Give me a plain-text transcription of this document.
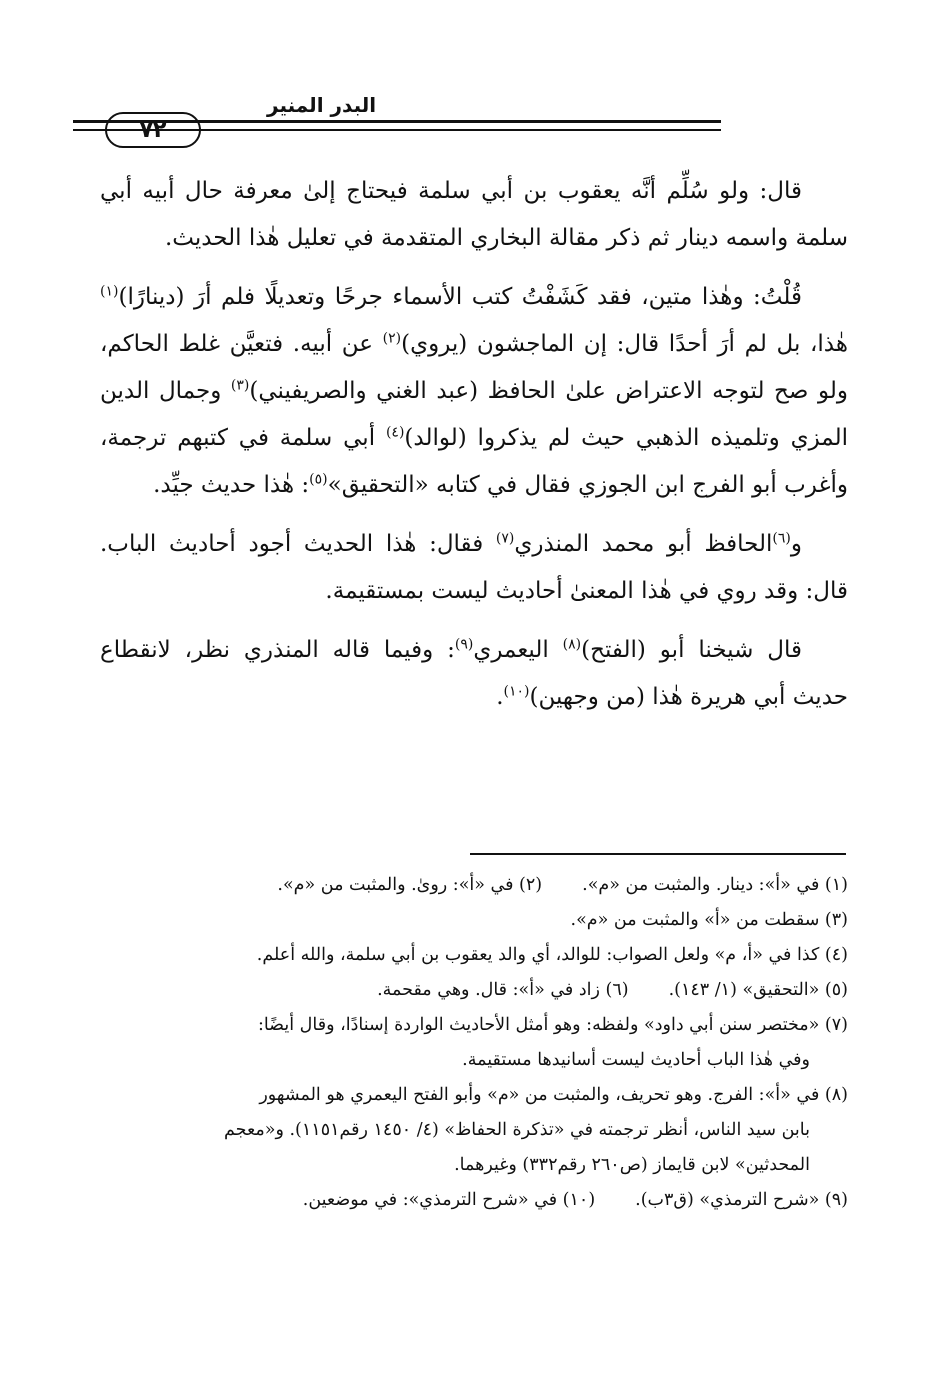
البدر المنير
٧٢

قال: ولو سُلِّم أنَّه يعقوب بن أبي سلمة فيحتاج إلىٰ معرفة حال أبيه أبي سلمة واسمه دينار ثم ذكر مقالة البخاري المتقدمة في تعليل هٰذا الحديث.

قُلْتُ: وهٰذا متين، فقد كَشَفْتُ كتب الأسماء جرحًا وتعديلًا فلم أرَ (دينارًا)$^{(١)}$ هٰذا، بل لم أرَ أحدًا قال: إن الماجشون (يروي)$^{(٢)}$ عن أبيه. فتعيَّن غلط الحاكم، ولو صح لتوجه الاعتراض علىٰ الحافظ (عبد الغني والصريفيني)$^{(٣)}$ وجمال الدين المزي وتلميذه الذهبي حيث لم يذكروا (لوالد)$^{(٤)}$ أبي سلمة في كتبهم ترجمة، وأغرب أبو الفرج ابن الجوزي فقال في كتابه «التحقيق»$^{(٥)}$: هٰذا حديث جيِّد.

و$^{(٦)}$الحافظ أبو محمد المنذري$^{(٧)}$ فقال: هٰذا الحديث أجود أحاديث الباب. قال: وقد روي في هٰذا المعنىٰ أحاديث ليست بمستقيمة.

قال شيخنا أبو (الفتح)$^{(٨)}$ اليعمري$^{(٩)}$: وفيما قاله المنذري نظر، لانقطاع حديث أبي هريرة هٰذا (من وجهين)$^{(١٠)}$.

(١) في «أ»: دينار. والمثبت من «م».
(٢) في «أ»: روىٰ. والمثبت من «م».
(٣) سقطت من «أ» والمثبت من «م».
(٤) كذا في «أ، م» ولعل الصواب: للوالد، أي والد يعقوب بن أبي سلمة، والله أعلم.
(٥) «التحقيق» (١/ ١٤٣).
(٦) زاد في «أ»: قال. وهي مقحمة.
(٧) «مختصر سنن أبي داود» ولفظه: وهو أمثل الأحاديث الواردة إسنادًا، وقال أيضًا:
وفي هٰذا الباب أحاديث ليست أسانيدها مستقيمة.
(٨) في «أ»: الفرج. وهو تحريف، والمثبت من «م» وأبو الفتح اليعمري هو المشهور
بابن سيد الناس، أنظر ترجمته في «تذكرة الحفاظ» (٤/ ١٤٥٠ رقم١١٥١). و«معجم
المحدثين» لابن قايماز (ص٢٦٠ رقم٣٣٢) وغيرهما.
(٩) «شرح الترمذي» (ق٣ب).
(١٠) في «شرح الترمذي»: في موضعين.
